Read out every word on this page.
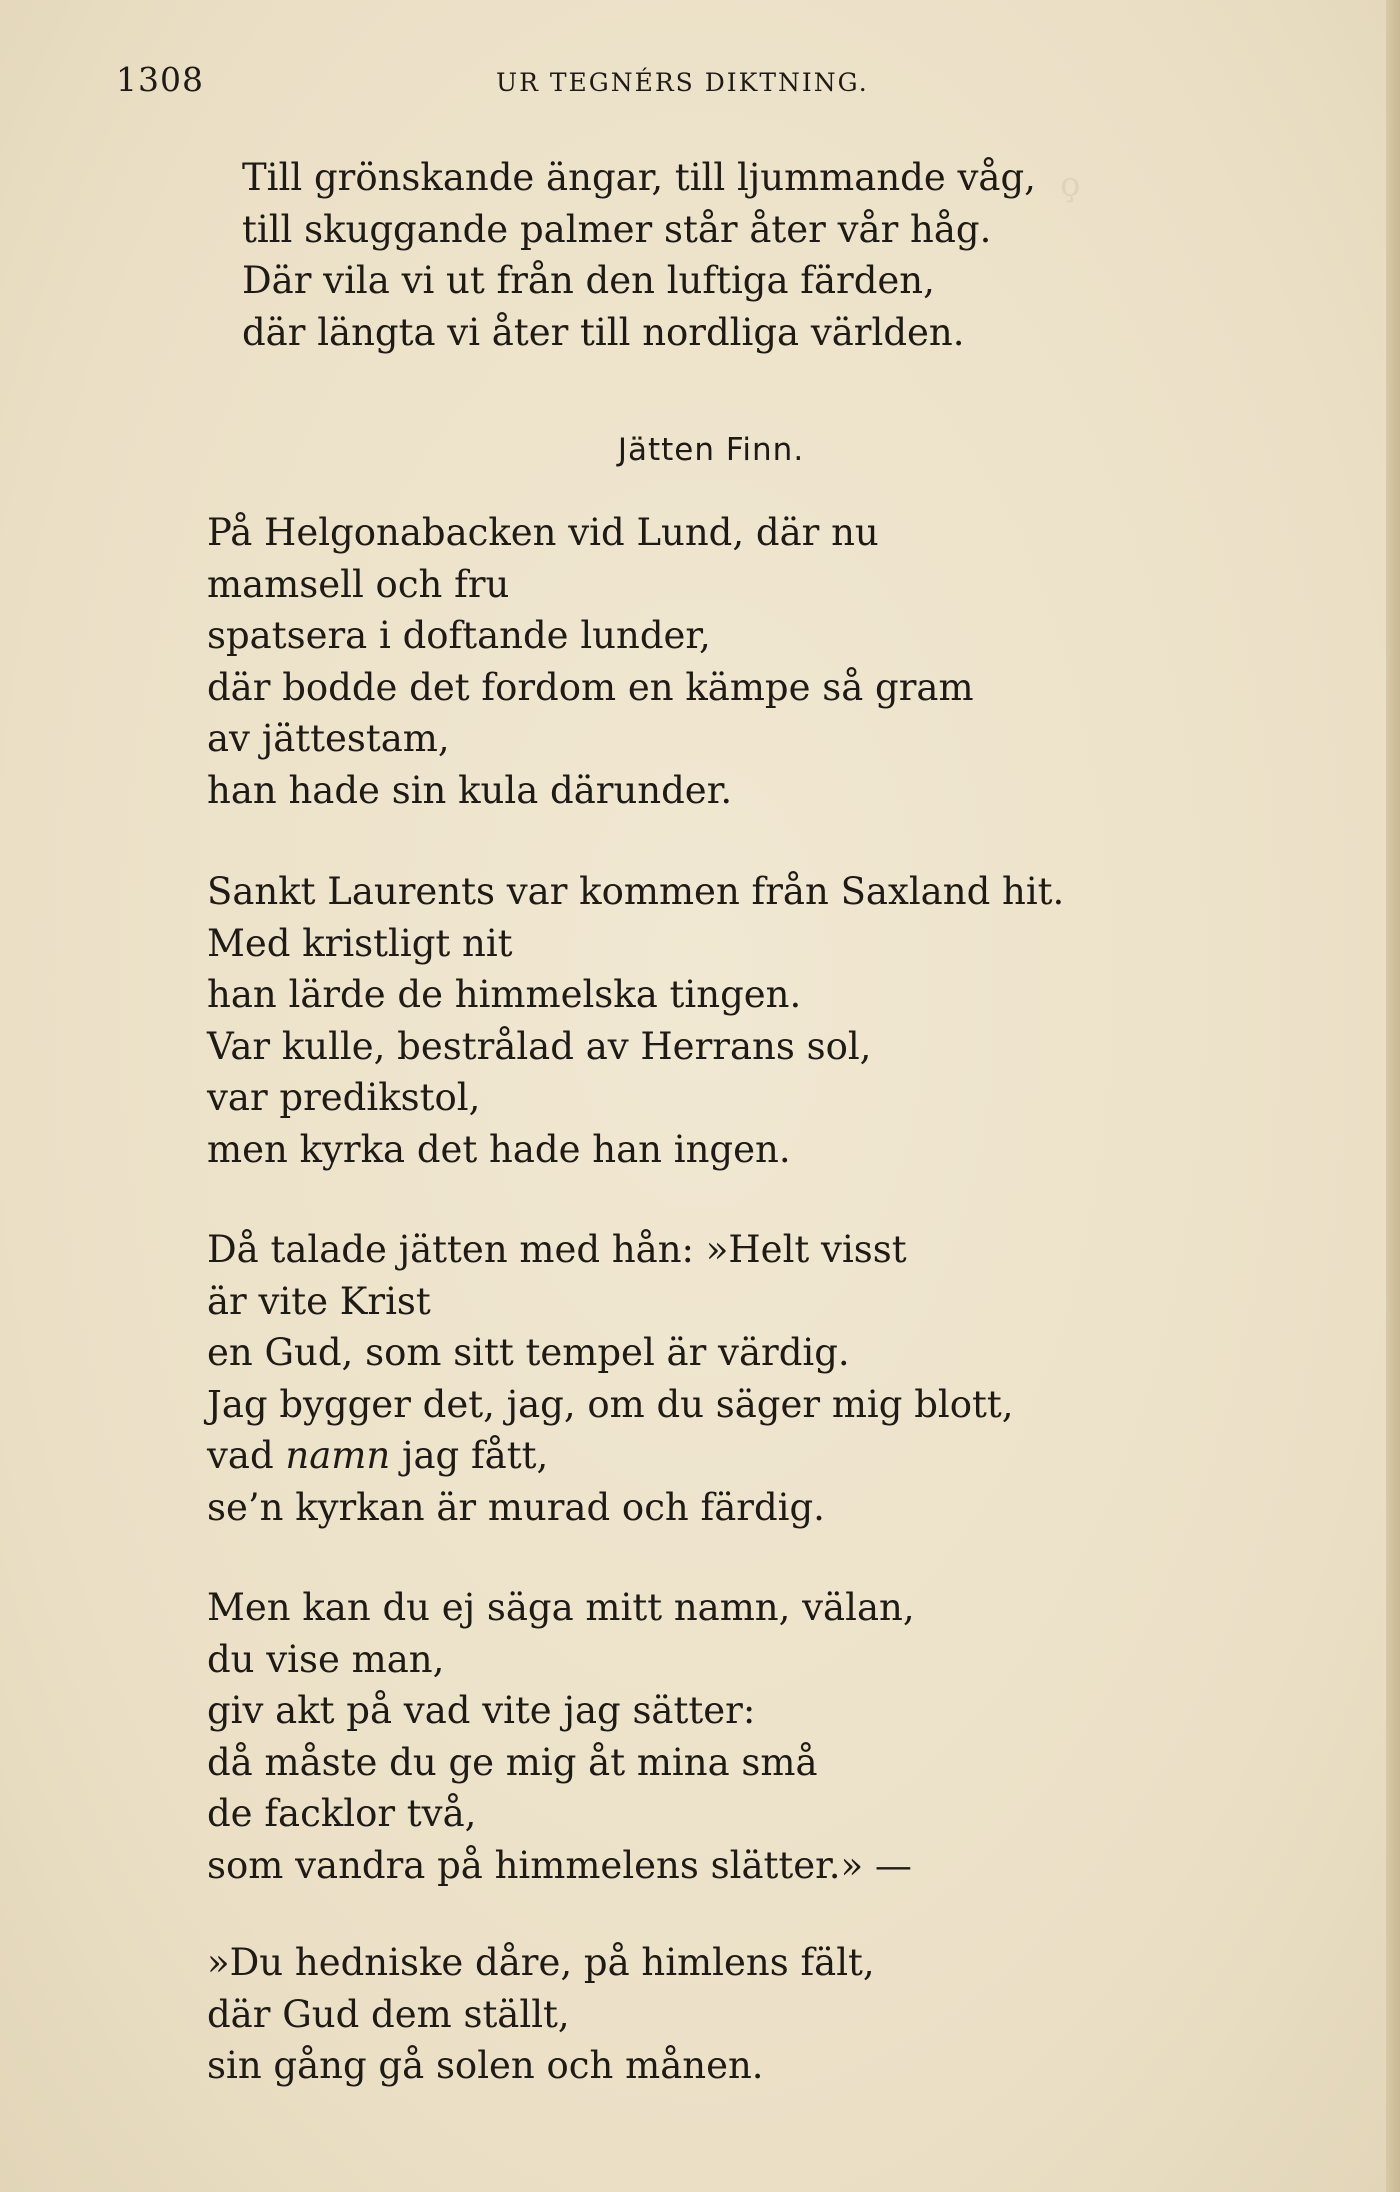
ǫ
1308	UR TEGNÉRS DIKTNING.
Till grönskande ängar, till ljummande våg,
till skuggande palmer står åter vår håg.
Där vila vi ut från den luftiga färden,
där längta vi åter till nordliga världen.
Jätten Finn.
På Helgonabacken vid Lund, där nu
mamsell och fru
spatsera i doftande lunder,
där bodde det fordom en kämpe så gram
av jättestam,
han hade sin kula därunder.
Sankt Laurents var kommen från Saxland hit.
Med kristligt nit
han lärde de himmelska tingen.
Var kulle, bestrålad av Herrans sol,
var predikstol,
men kyrka det hade han ingen.
Då talade jätten med hån: »Helt visst
är vite Krist
en Gud, som sitt tempel är värdig.
Jag bygger det, jag, om du säger mig blott,
vad namn jag fått,
se’n kyrkan är murad och färdig.
Men kan du ej säga mitt namn, välan,
du vise man,
giv akt på vad vite jag sätter:
då måste du ge mig åt mina små
de facklor två,
som vandra på himmelens slätter.» —
»Du hedniske dåre, på himlens fält,
där Gud dem ställt,
sin gång gå solen och månen.
